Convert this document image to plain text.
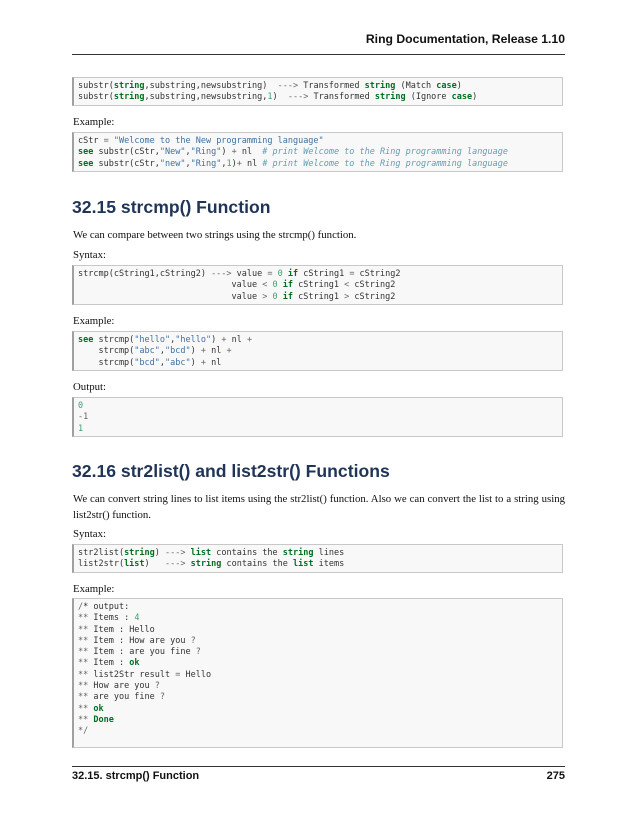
Ring Documentation, Release 1.10
substr(string,substring,newsubstring)  ---> Transformed string (Match case)
substr(string,substring,newsubstring,1)  ---> Transformed string (Ignore case)
Example:
cStr = "Welcome to the New programming language"
see substr(cStr,"New","Ring") + nl  # print Welcome to the Ring programming language
see substr(cStr,"new","Ring",1)+ nl # print Welcome to the Ring programming language
32.15 strcmp() Function
We can compare between two strings using the strcmp() function.
Syntax:
strcmp(cString1,cString2) ---> value = 0 if cString1 = cString2
value < 0 if cString1 < cString2
value > 0 if cString1 > cString2
Example:
see strcmp("hello","hello") + nl +
strcmp("abc","bcd") + nl +
strcmp("bcd","abc") + nl
Output:
0
-1
1
32.16 str2list() and list2str() Functions
We can convert string lines to list items using the str2list() function. Also we can convert the list to a string using list2str() function.
Syntax:
str2list(string) ---> list contains the string lines
list2str(list)   ---> string contains the list items
Example:
/* output:
** Items : 4
** Item : Hello
** Item : How are you ?
** Item : are you fine ?
** Item : ok
** list2Str result = Hello
** How are you ?
** are you fine ?
** ok
** Done
*/
32.15. strcmp() Function	275
